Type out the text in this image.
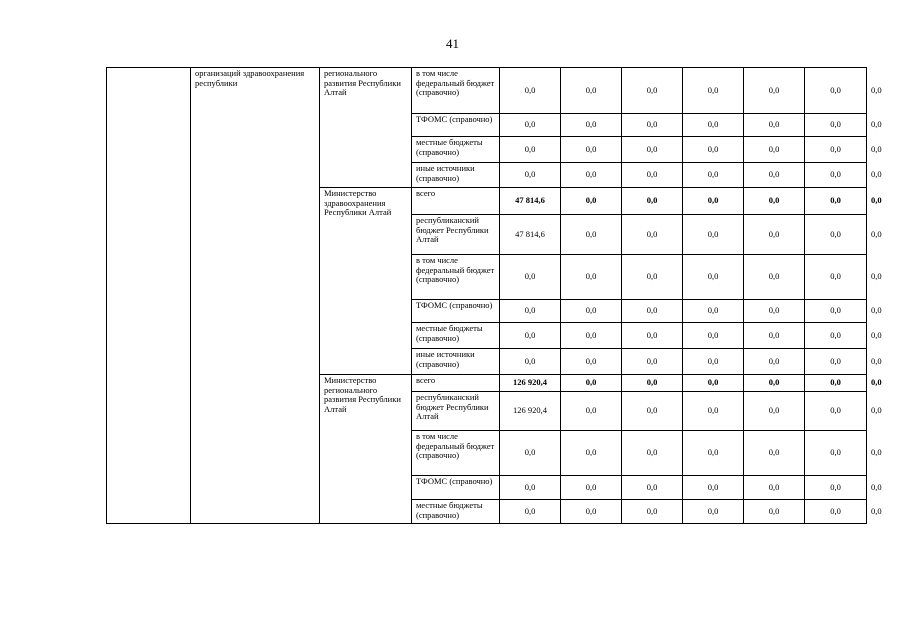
41
	организаций здравоохранения республики	регионального развития Республики Алтай	в том числе федеральный бюджет (справочно)	0,0	0,0	0,0	0,0	0,0	0,0	0,0
			ТФОМС (справочно)	0,0	0,0	0,0	0,0	0,0	0,0	0,0
			местные бюджеты (справочно)	0,0	0,0	0,0	0,0	0,0	0,0	0,0
			иные источники (справочно)	0,0	0,0	0,0	0,0	0,0	0,0	0,0
		Министерство здравоохранения Республики Алтай	всего	47 814,6	0,0	0,0	0,0	0,0	0,0	0,0
			республиканский бюджет Республики Алтай	47 814,6	0,0	0,0	0,0	0,0	0,0	0,0
			в том числе федеральный бюджет (справочно)	0,0	0,0	0,0	0,0	0,0	0,0	0,0
			ТФОМС (справочно)	0,0	0,0	0,0	0,0	0,0	0,0	0,0
			местные бюджеты (справочно)	0,0	0,0	0,0	0,0	0,0	0,0	0,0
			иные источники (справочно)	0,0	0,0	0,0	0,0	0,0	0,0	0,0
		Министерство регионального развития Республики Алтай	всего	126 920,4	0,0	0,0	0,0	0,0	0,0	0,0
			республиканский бюджет Республики Алтай	126 920,4	0,0	0,0	0,0	0,0	0,0	0,0
			в том числе федеральный бюджет (справочно)	0,0	0,0	0,0	0,0	0,0	0,0	0,0
			ТФОМС (справочно)	0,0	0,0	0,0	0,0	0,0	0,0	0,0
			местные бюджеты (справочно)	0,0	0,0	0,0	0,0	0,0	0,0	0,0
